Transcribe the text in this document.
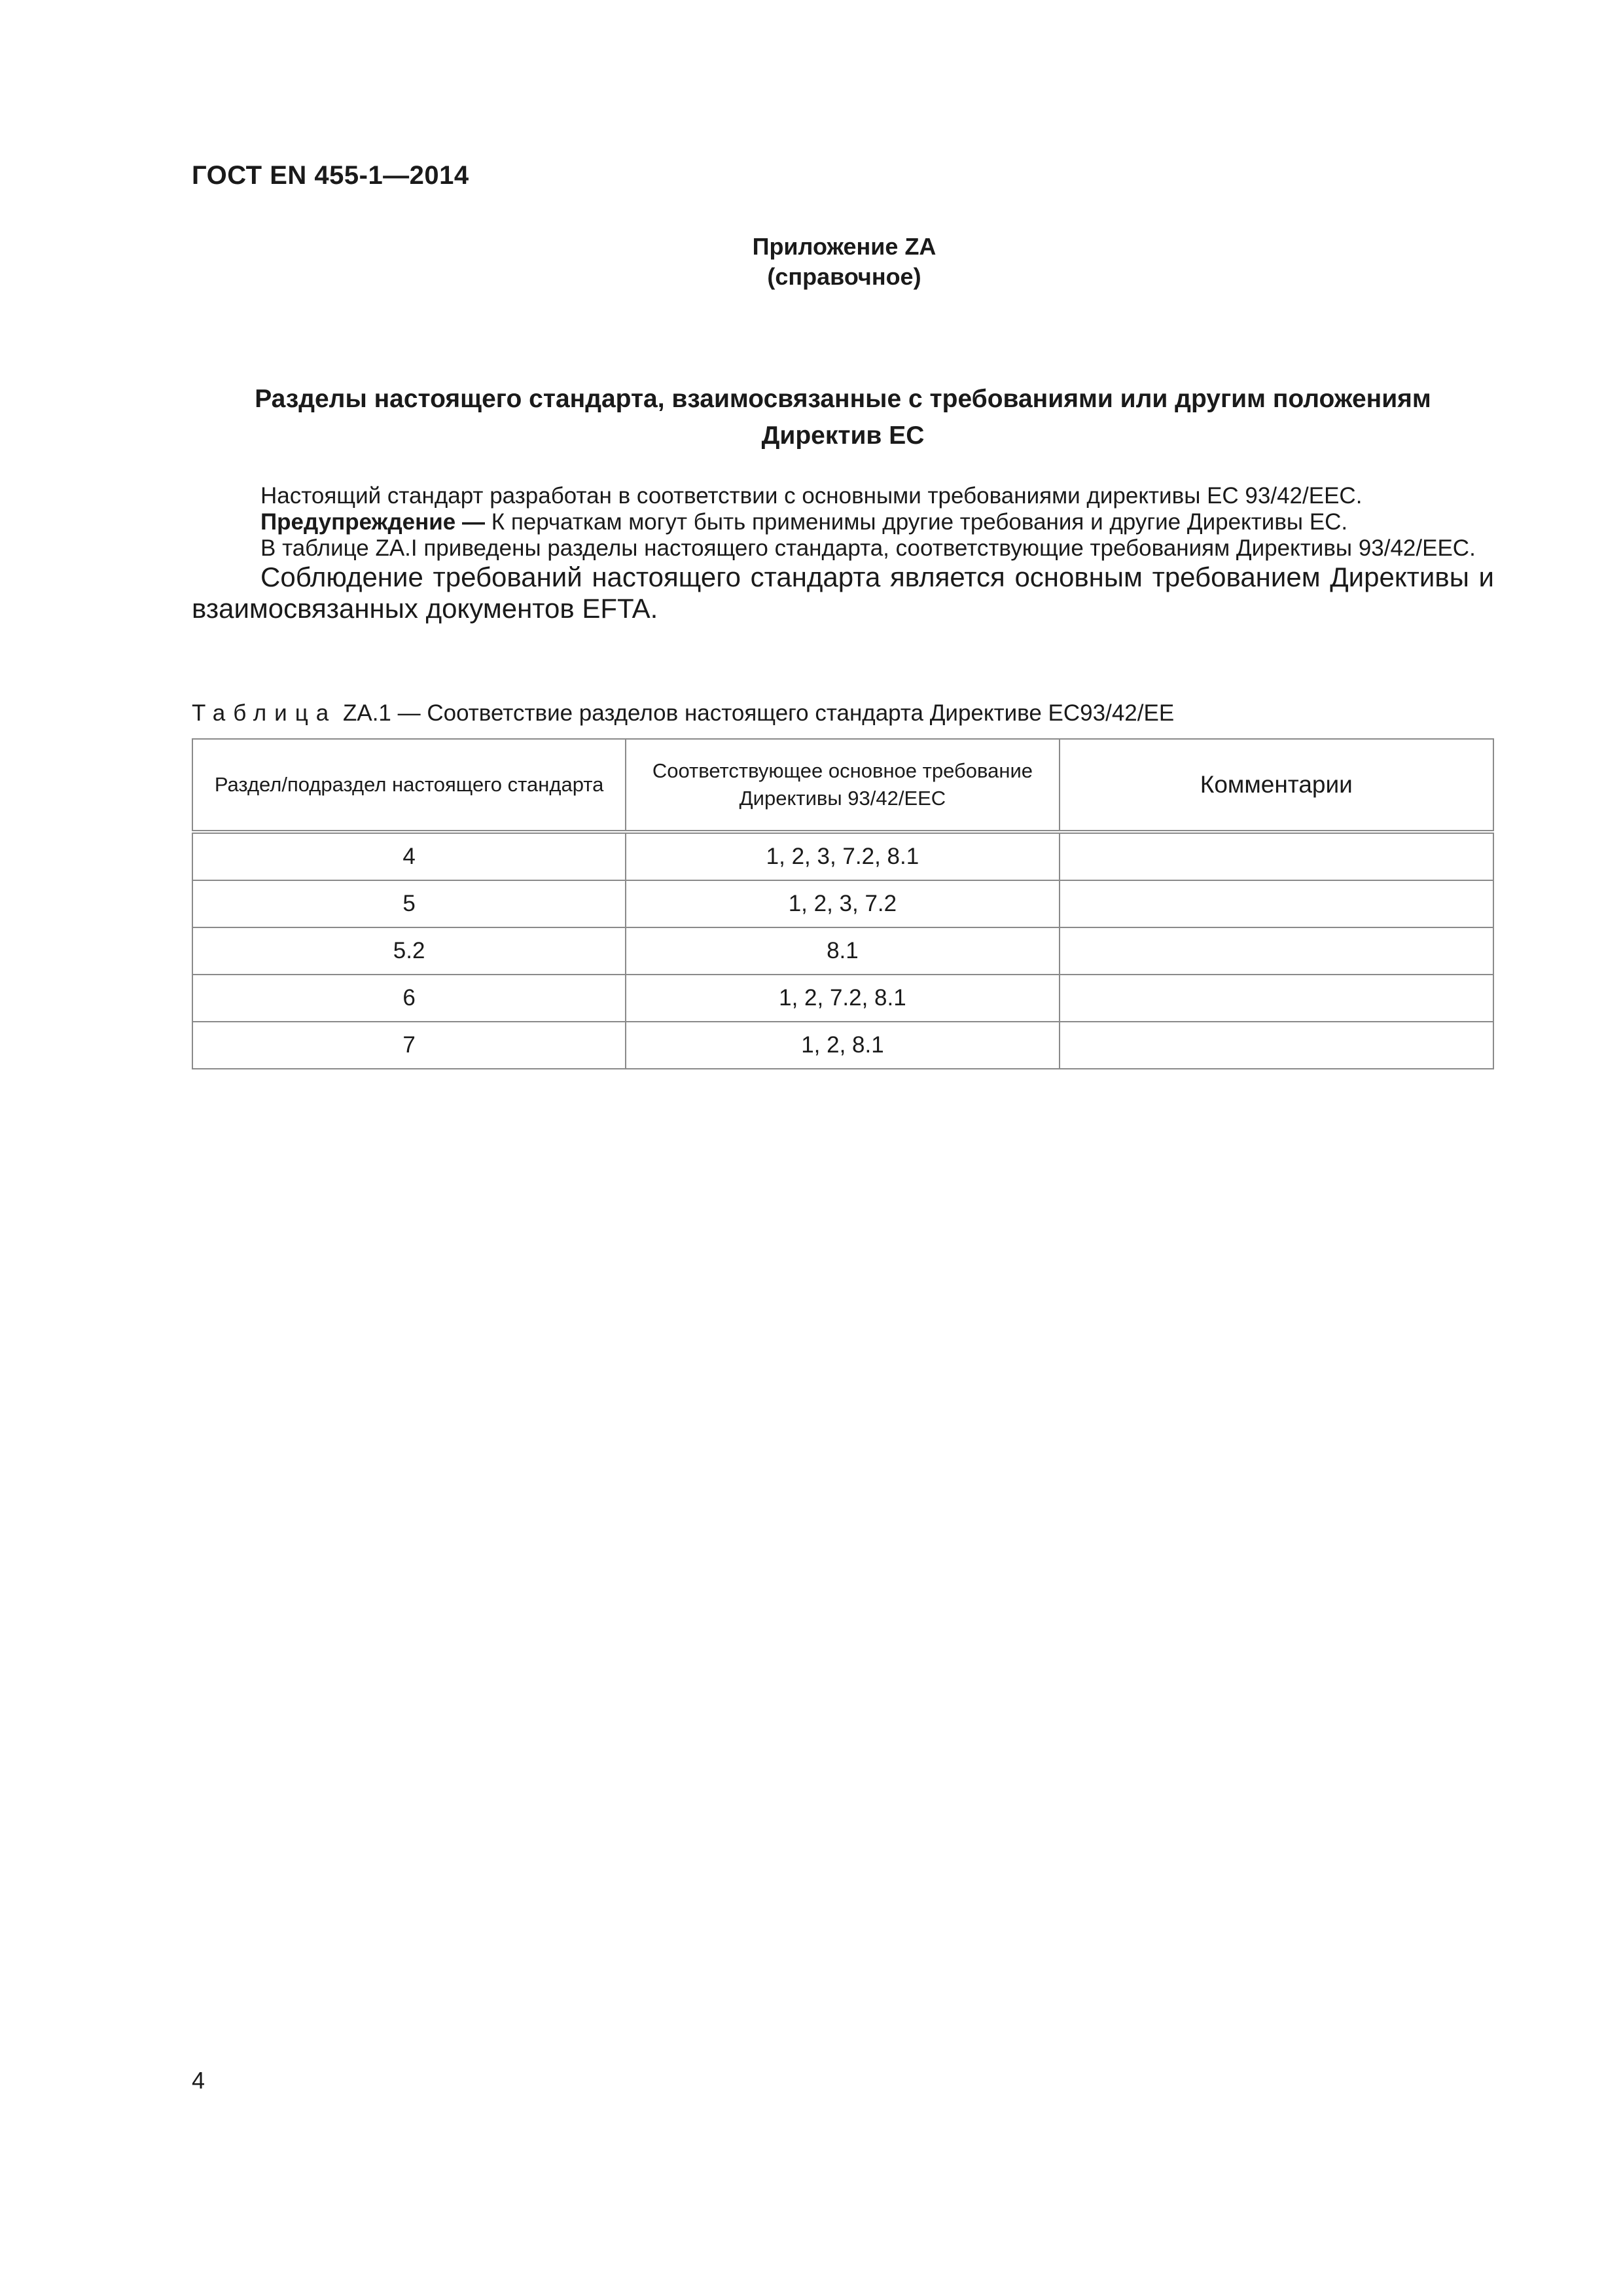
ГОСТ EN 455-1—2014
Приложение ZA
(справочное)
Разделы настоящего стандарта, взаимосвязанные с требованиями или другим положениям
Директив ЕС

Настоящий стандарт разработан в соответствии с основными требованиями директивы ЕС 93/42/ЕЕС.

Предупреждение — К перчаткам могут быть применимы другие требования и другие Директивы ЕС.

В таблице ZA.I приведены разделы настоящего стандарта, соответствующие требованиям Директивы 93/42/ЕЕС.

Соблюдение требований настоящего стандарта является основным требованием Директивы и взаимосвязанных документов EFTA.

Таблица ZA.1 — Соответствие разделов настоящего стандарта Директиве ЕС93/42/ЕЕ
Раздел/подраздел настоящего стандарта	Соответствующее основное требование Директивы 93/42/ЕЕС	Комментарии
4	1, 2, 3, 7.2, 8.1	
5	1, 2, 3, 7.2	
5.2	8.1	
6	1, 2, 7.2, 8.1	
7	1, 2, 8.1	
4
